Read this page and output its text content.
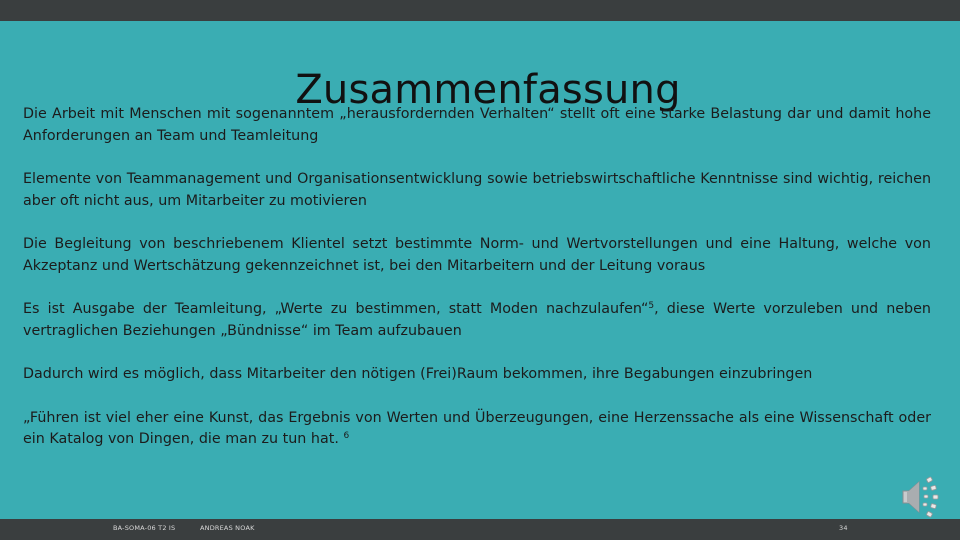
Zusammenfassung

Die Arbeit mit Menschen mit sogenanntem „herausfordernden Verhalten“ stellt oft eine starke Belastung dar und damit hohe Anforderungen an Team und Teamleitung

Elemente von Teammanagement und Organisationsentwicklung sowie betriebswirtschaftliche Kenntnisse sind wichtig, reichen aber oft nicht aus, um Mitarbeiter zu motivieren

Die Begleitung von beschriebenem Klientel setzt bestimmte Norm- und Wertvorstellungen und eine Haltung, welche von Akzeptanz und Wertschätzung gekennzeichnet ist, bei den Mitarbeitern und der Leitung voraus

Es ist Ausgabe der Teamleitung, „Werte zu bestimmen, statt Moden nachzulaufen“$^5$, diese Werte vorzuleben und neben vertraglichen Beziehungen „Bündnisse“ im Team aufzubauen

Dadurch wird es möglich, dass Mitarbeiter den nötigen (Frei)Raum bekommen, ihre Begabungen einzubringen

„Führen ist viel eher eine Kunst, das Ergebnis von Werten und Überzeugungen, eine Herzenssache als eine Wissenschaft oder ein Katalog von Dingen, die man zu tun hat. $^6$

BA-SOMA-06 T2 IS	ANDREAS NOAK	34
